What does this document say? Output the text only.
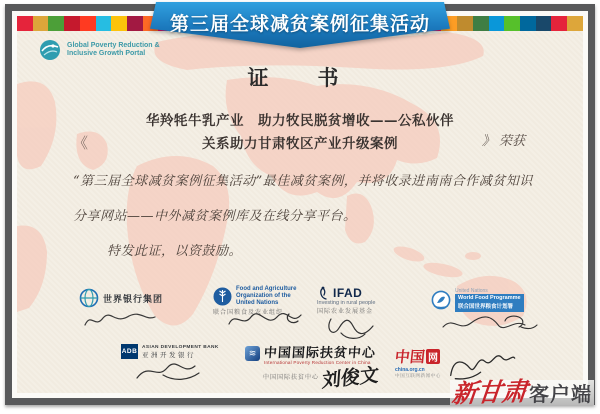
Global Poverty Reduction &
Inclusive Growth Portal
证　书
《
华羚牦牛乳产业　助力牧民脱贫增收——公私伙伴
关系助力甘肃牧区产业升级案例	》 荣获
“第三届全球减贫案例征集活动”最佳减贫案例，并将收录进南南合作减贫知识
分享网站——中外减贫案例库及在线分享平台。
特发此证，以资鼓励。
世界银行集团
Food and Agriculture
Organization of the
United Nations
联合国粮食及农业组织
IFAD
Investing in rural people
国际农业发展基金
United Nations
World Food Programme
联合国世界粮食计划署
ADB
ASIAN DEVELOPMENT BANK
亚洲开发银行	≋ 中国国际扶贫中心
International Poverty Reduction Center in China
中国国际扶贫中心 刘俊文
中国 网
china.org.cn
中国互联网新闻中心
第三届全球减贫案例征集活动
新甘肃 客户端
